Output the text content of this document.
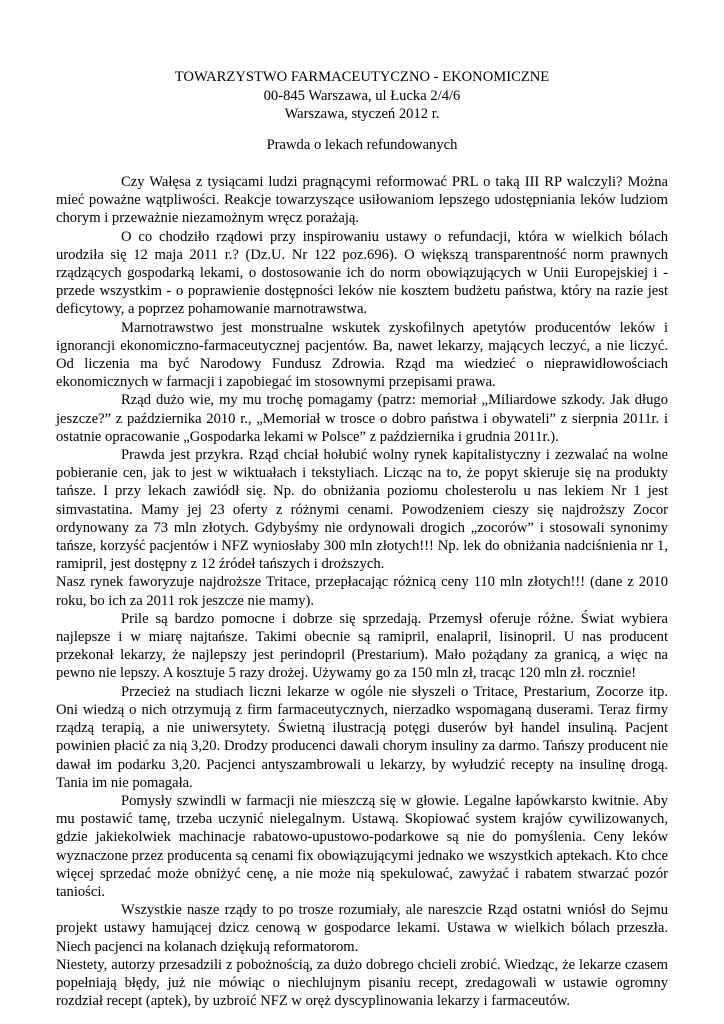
TOWARZYSTWO FARMACEUTYCZNO - EKONOMICZNE
00-845 Warszawa, ul Łucka 2/4/6
Warszawa, styczeń 2012 r.
Prawda o lekach refundowanych

Czy Wałęsa z tysiącami ludzi pragnącymi reformować PRL o taką III RP walczyli? Można mieć poważne wątpliwości. Reakcje towarzyszące usiłowaniom lepszego udostępniania leków ludziom chorym i przeważnie niezamożnym wręcz porażają.

O co chodziło rządowi przy inspirowaniu ustawy o refundacji, która w wielkich bólach urodziła się 12 maja 2011 r.? (Dz.U. Nr 122 poz.696). O większą transparentność norm prawnych rządzących gospodarką lekami, o dostosowanie ich do norm obowiązujących w Unii Europejskiej i - przede wszystkim - o poprawienie dostępności leków nie kosztem budżetu państwa, który na razie jest deficytowy, a poprzez pohamowanie marnotrawstwa.

Marnotrawstwo jest monstrualne wskutek zyskofilnych apetytów producentów leków i ignorancji ekonomiczno-farmaceutycznej pacjentów. Ba, nawet lekarzy, mających leczyć, a nie liczyć. Od liczenia ma być Narodowy Fundusz Zdrowia. Rząd ma wiedzieć o nieprawidłowościach ekonomicznych w farmacji i zapobiegać im stosownymi przepisami prawa.

Rząd dużo wie, my mu trochę pomagamy (patrz: memoriał „Miliardowe szkody. Jak długo jeszcze?” z października 2010 r., „Memoriał w trosce o dobro państwa i obywateli” z sierpnia 2011r. i ostatnie opracowanie „Gospodarka lekami w Polsce” z października i grudnia 2011r.).

Prawda jest przykra. Rząd chciał hołubić wolny rynek kapitalistyczny i zezwalać na wolne pobieranie cen, jak to jest w wiktuałach i tekstyliach. Licząc na to, że popyt skieruje się na produkty tańsze. I przy lekach zawiódł się. Np. do obniżania poziomu cholesterolu u nas lekiem Nr 1 jest simvastatina. Mamy jej 23 oferty z różnymi cenami. Powodzeniem cieszy się najdroższy Zocor ordynowany za 73 mln złotych. Gdybyśmy nie ordynowali drogich „zocorów” i stosowali synonimy tańsze, korzyść pacjentów i NFZ wyniosłaby 300 mln złotych!!! Np. lek do obniżania nadciśnienia nr 1, ramipril, jest dostępny z 12 źródeł tańszych i droższych.

Nasz rynek faworyzuje najdroższe Tritace, przepłacając różnicą ceny 110 mln złotych!!! (dane z 2010 roku, bo ich za 2011 rok jeszcze nie mamy).

Prile są bardzo pomocne i dobrze się sprzedają. Przemysł oferuje różne. Świat wybiera najlepsze i w miarę najtańsze. Takimi obecnie są ramipril, enalapril, lisinopril. U nas producent przekonał lekarzy, że najlepszy jest perindopril (Prestarium). Mało pożądany za granicą, a więc na pewno nie lepszy. A kosztuje 5 razy drożej. Używamy go za 150 mln zł, tracąc 120 mln zł. rocznie!

Przecież na studiach liczni lekarze w ogóle nie słyszeli o Tritace, Prestarium, Zocorze itp. Oni wiedzą o nich otrzymują z firm farmaceutycznych, nierzadko wspomaganą duserami. Teraz firmy rządzą terapią, a nie uniwersytety. Świetną ilustracją potęgi duserów był handel insuliną. Pacjent powinien płacić za nią 3,20. Drodzy producenci dawali chorym insuliny za darmo. Tańszy producent nie dawał im podarku 3,20. Pacjenci antyszambrowali u lekarzy, by wyłudzić recepty na insulinę drogą. Tania im nie pomagała.

Pomysły szwindli w farmacji nie mieszczą się w głowie. Legalne łapówkarsto kwitnie. Aby mu postawić tamę, trzeba uczynić nielegalnym. Ustawą. Skopiować system krajów cywilizowanych, gdzie jakiekolwiek machinacje rabatowo-upustowo-podarkowe są nie do pomyślenia. Ceny leków wyznaczone przez producenta są cenami fix obowiązującymi jednako we wszystkich aptekach. Kto chce więcej sprzedać może obniżyć cenę, a nie może nią spekulować, zawyżać i rabatem stwarzać pozór taniości.

Wszystkie nasze rządy to po trosze rozumiały, ale nareszcie Rząd ostatni wniósł do Sejmu projekt ustawy hamującej dzicz cenową w gospodarce lekami. Ustawa w wielkich bólach przeszła. Niech pacjenci na kolanach dziękują reformatorom.

Niestety, autorzy przesadzili z pobożnością, za dużo dobrego chcieli zrobić. Wiedząc, że lekarze czasem popełniają błędy, już nie mówiąc o niechlujnym pisaniu recept, zredagowali w ustawie ogromny rozdział recept (aptek), by uzbroić NFZ w oręż dyscyplinowania lekarzy i farmaceutów.
